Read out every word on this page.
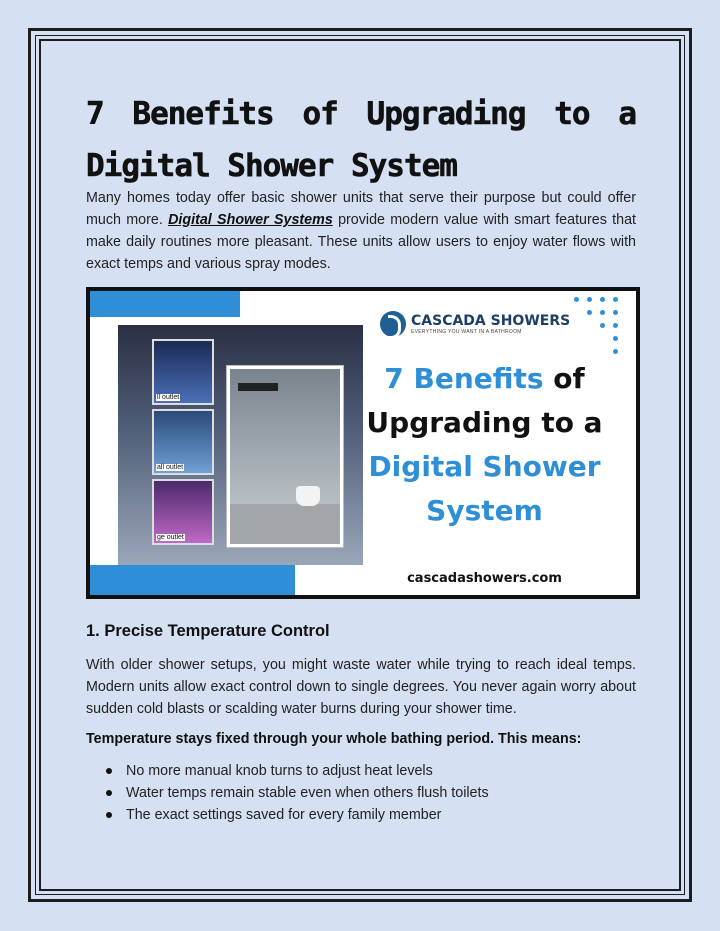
7 Benefits of Upgrading to a Digital Shower System

Many homes today offer basic shower units that serve their purpose but could offer much more. Digital Shower Systems provide modern value with smart features that make daily routines more pleasant. These units allow users to enjoy water flows with exact temps and various spray modes.

ll outlet
all outlet
ge outlet
CASCADA SHOWERS
EVERYTHING YOU WANT IN A BATHROOM
7 Benefits of
Upgrading to a
Digital Shower
System
cascadashowers.com
1. Precise Temperature Control

With older shower setups, you might waste water while trying to reach ideal temps. Modern units allow exact control down to single degrees. You never again worry about sudden cold blasts or scalding water burns during your shower time.

Temperature stays fixed through your whole bathing period. This means:

No more manual knob turns to adjust heat levels
Water temps remain stable even when others flush toilets
The exact settings saved for every family member
